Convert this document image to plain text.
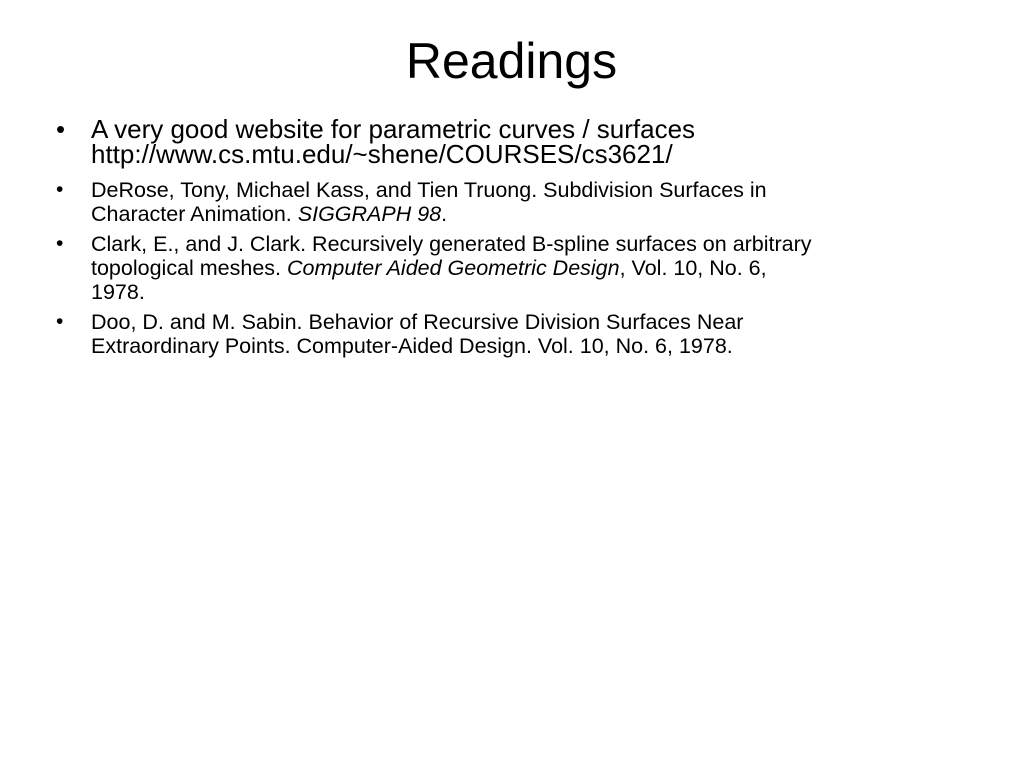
Readings
• A very good website for parametric curves / surfaces
http://www.cs.mtu.edu/~shene/COURSES/cs3621/
• DeRose, Tony, Michael Kass, and Tien Truong. Subdivision Surfaces in
Character Animation. SIGGRAPH 98.
• Clark, E., and J. Clark. Recursively generated B-spline surfaces on arbitrary
topological meshes. Computer Aided Geometric Design, Vol. 10, No. 6,
1978.
• Doo, D. and M. Sabin. Behavior of Recursive Division Surfaces Near
Extraordinary Points. Computer-Aided Design. Vol. 10, No. 6, 1978.
